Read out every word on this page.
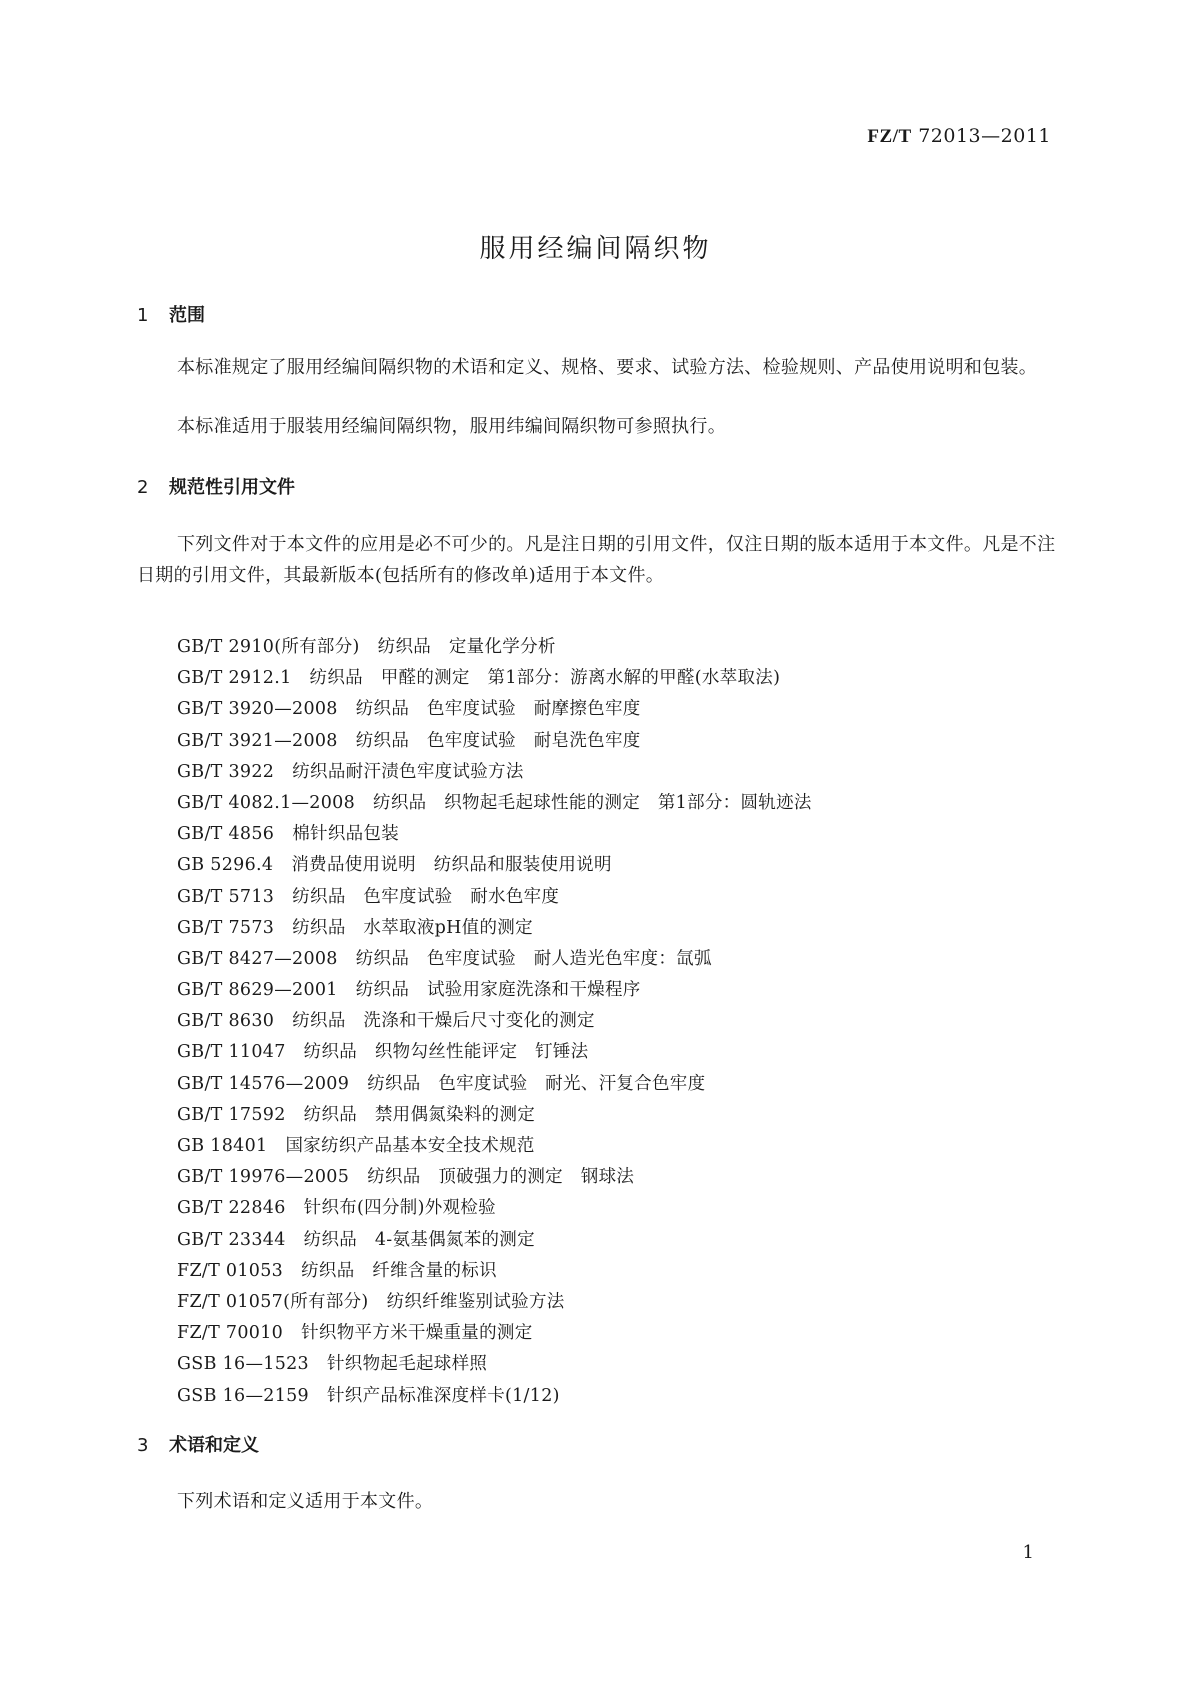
FZ/T 72013—2011
服用经编间隔织物
1 范围
本标准规定了服用经编间隔织物的术语和定义、规格、要求、试验方法、检验规则、产品使用说明和包装。
本标准适用于服装用经编间隔织物，服用纬编间隔织物可参照执行。
2 规范性引用文件
下列文件对于本文件的应用是必不可少的。凡是注日期的引用文件，仅注日期的版本适用于本文件。凡是不注日期的引用文件，其最新版本(包括所有的修改单)适用于本文件。
GB/T 2910(所有部分) 纺织品　定量化学分析
GB/T 2912.1 纺织品　甲醛的测定　第1部分：游离水解的甲醛(水萃取法)
GB/T 3920—2008 纺织品　色牢度试验　耐摩擦色牢度
GB/T 3921—2008 纺织品　色牢度试验　耐皂洗色牢度
GB/T 3922 纺织品耐汗渍色牢度试验方法
GB/T 4082.1—2008 纺织品　织物起毛起球性能的测定　第1部分：圆轨迹法
GB/T 4856 棉针织品包装
GB 5296.4 消费品使用说明　纺织品和服装使用说明
GB/T 5713 纺织品　色牢度试验　耐水色牢度
GB/T 7573 纺织品　水萃取液pH值的测定
GB/T 8427—2008 纺织品　色牢度试验　耐人造光色牢度：氙弧
GB/T 8629—2001 纺织品　试验用家庭洗涤和干燥程序
GB/T 8630 纺织品　洗涤和干燥后尺寸变化的测定
GB/T 11047 纺织品　织物勾丝性能评定　钉锤法
GB/T 14576—2009 纺织品　色牢度试验　耐光、汗复合色牢度
GB/T 17592 纺织品　禁用偶氮染料的测定
GB 18401 国家纺织产品基本安全技术规范
GB/T 19976—2005 纺织品　顶破强力的测定　钢球法
GB/T 22846 针织布(四分制)外观检验
GB/T 23344 纺织品　4-氨基偶氮苯的测定
FZ/T 01053 纺织品　纤维含量的标识
FZ/T 01057(所有部分) 纺织纤维鉴别试验方法
FZ/T 70010 针织物平方米干燥重量的测定
GSB 16—1523 针织物起毛起球样照
GSB 16—2159 针织产品标准深度样卡(1/12)
3 术语和定义
下列术语和定义适用于本文件。
1
